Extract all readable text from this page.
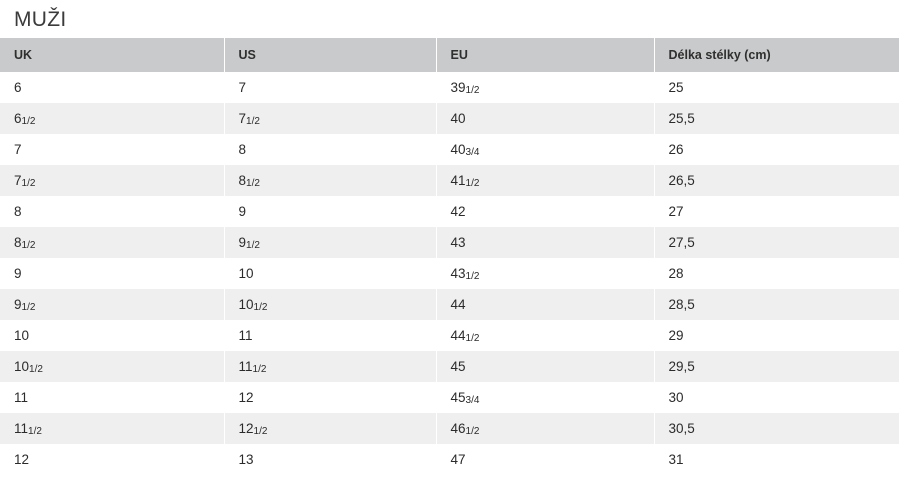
MUŽI
UK	US	EU	Délka stélky (cm)
6	7	391/2	25
61/2	71/2	40	25,5
7	8	403/4	26
71/2	81/2	411/2	26,5
8	9	42	27
81/2	91/2	43	27,5
9	10	431/2	28
91/2	101/2	44	28,5
10	11	441/2	29
101/2	111/2	45	29,5
11	12	453/4	30
111/2	121/2	461/2	30,5
12	13	47	31
